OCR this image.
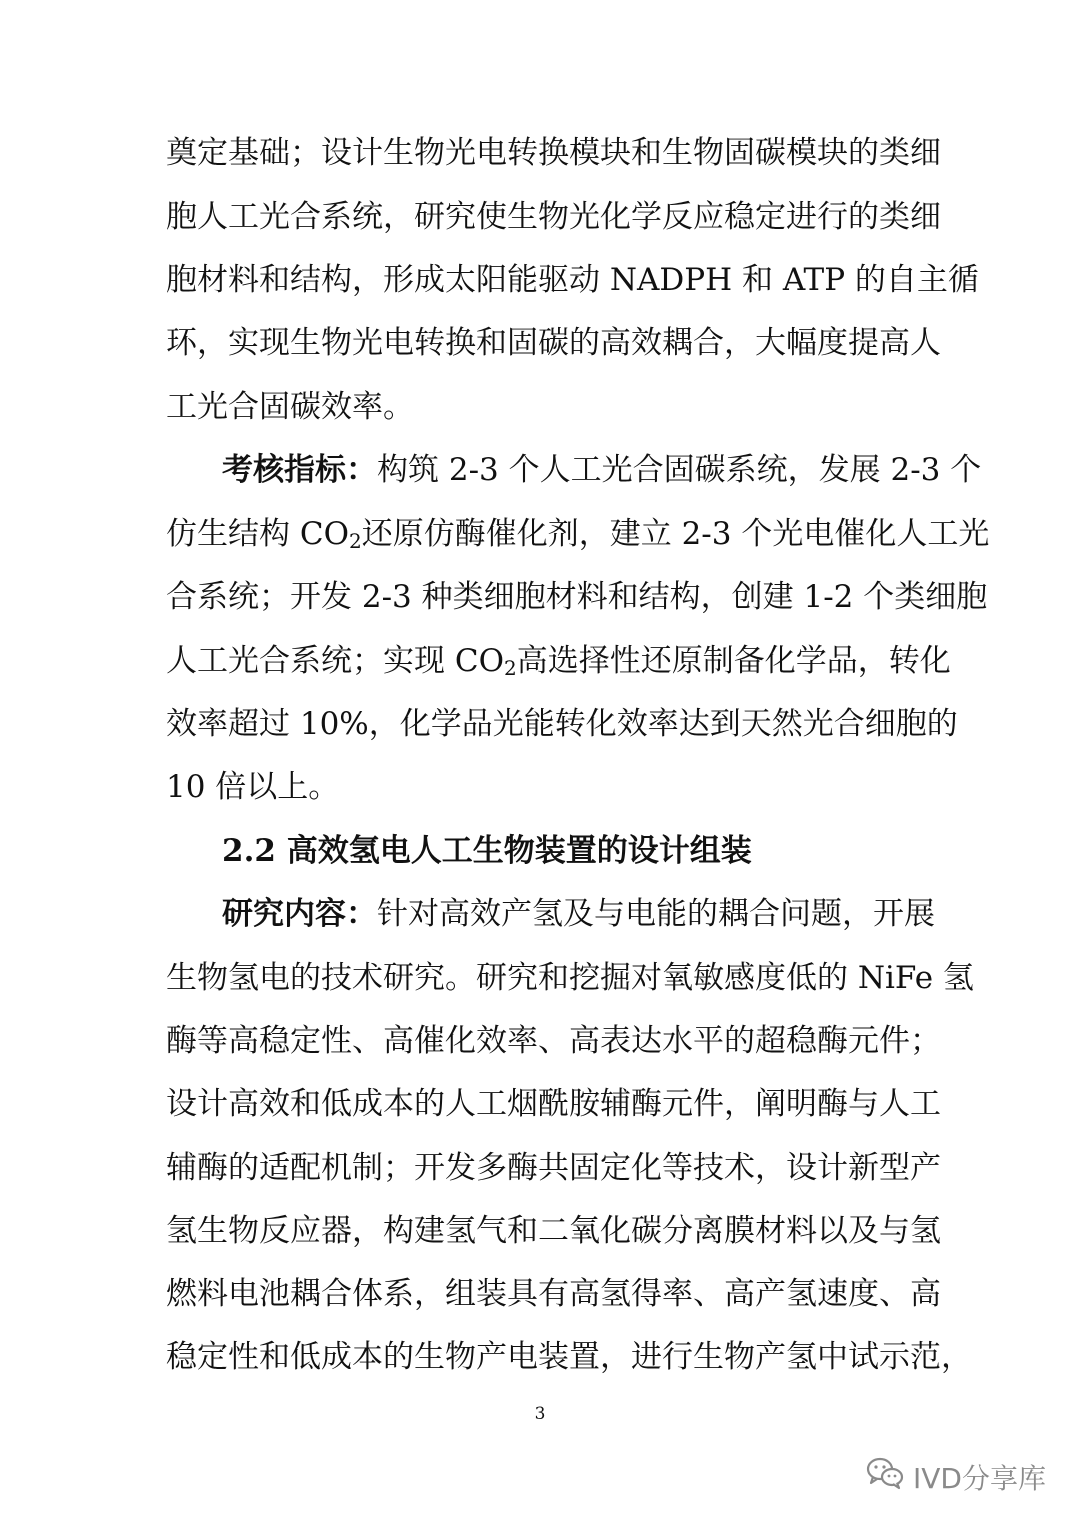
奠定基础；设计生物光电转换模块和生物固碳模块的类细
胞人工光合系统，研究使生物光化学反应稳定进行的类细
胞材料和结构，形成太阳能驱动 NADPH 和 ATP 的自主循
环，实现生物光电转换和固碳的高效耦合，大幅度提高人
工光合固碳效率。
考核指标：构筑 2-3 个人工光合固碳系统，发展 2-3 个
仿生结构 $CO_2$还原仿酶催化剂，建立 2-3 个光电催化人工光
合系统；开发 2-3 种类细胞材料和结构，创建 1-2 个类细胞
人工光合系统；实现 $CO_2$高选择性还原制备化学品，转化
效率超过 10%，化学品光能转化效率达到天然光合细胞的
10 倍以上。
2.2 高效氢电人工生物装置的设计组装
研究内容：针对高效产氢及与电能的耦合问题，开展
生物氢电的技术研究。研究和挖掘对氧敏感度低的 NiFe 氢
酶等高稳定性、高催化效率、高表达水平的超稳酶元件；
设计高效和低成本的人工烟酰胺辅酶元件，阐明酶与人工
辅酶的适配机制；开发多酶共固定化等技术，设计新型产
氢生物反应器，构建氢气和二氧化碳分离膜材料以及与氢
燃料电池耦合体系，组装具有高氢得率、高产氢速度、高
稳定性和低成本的生物产电装置，进行生物产氢中试示范，
3
IVD分享库
